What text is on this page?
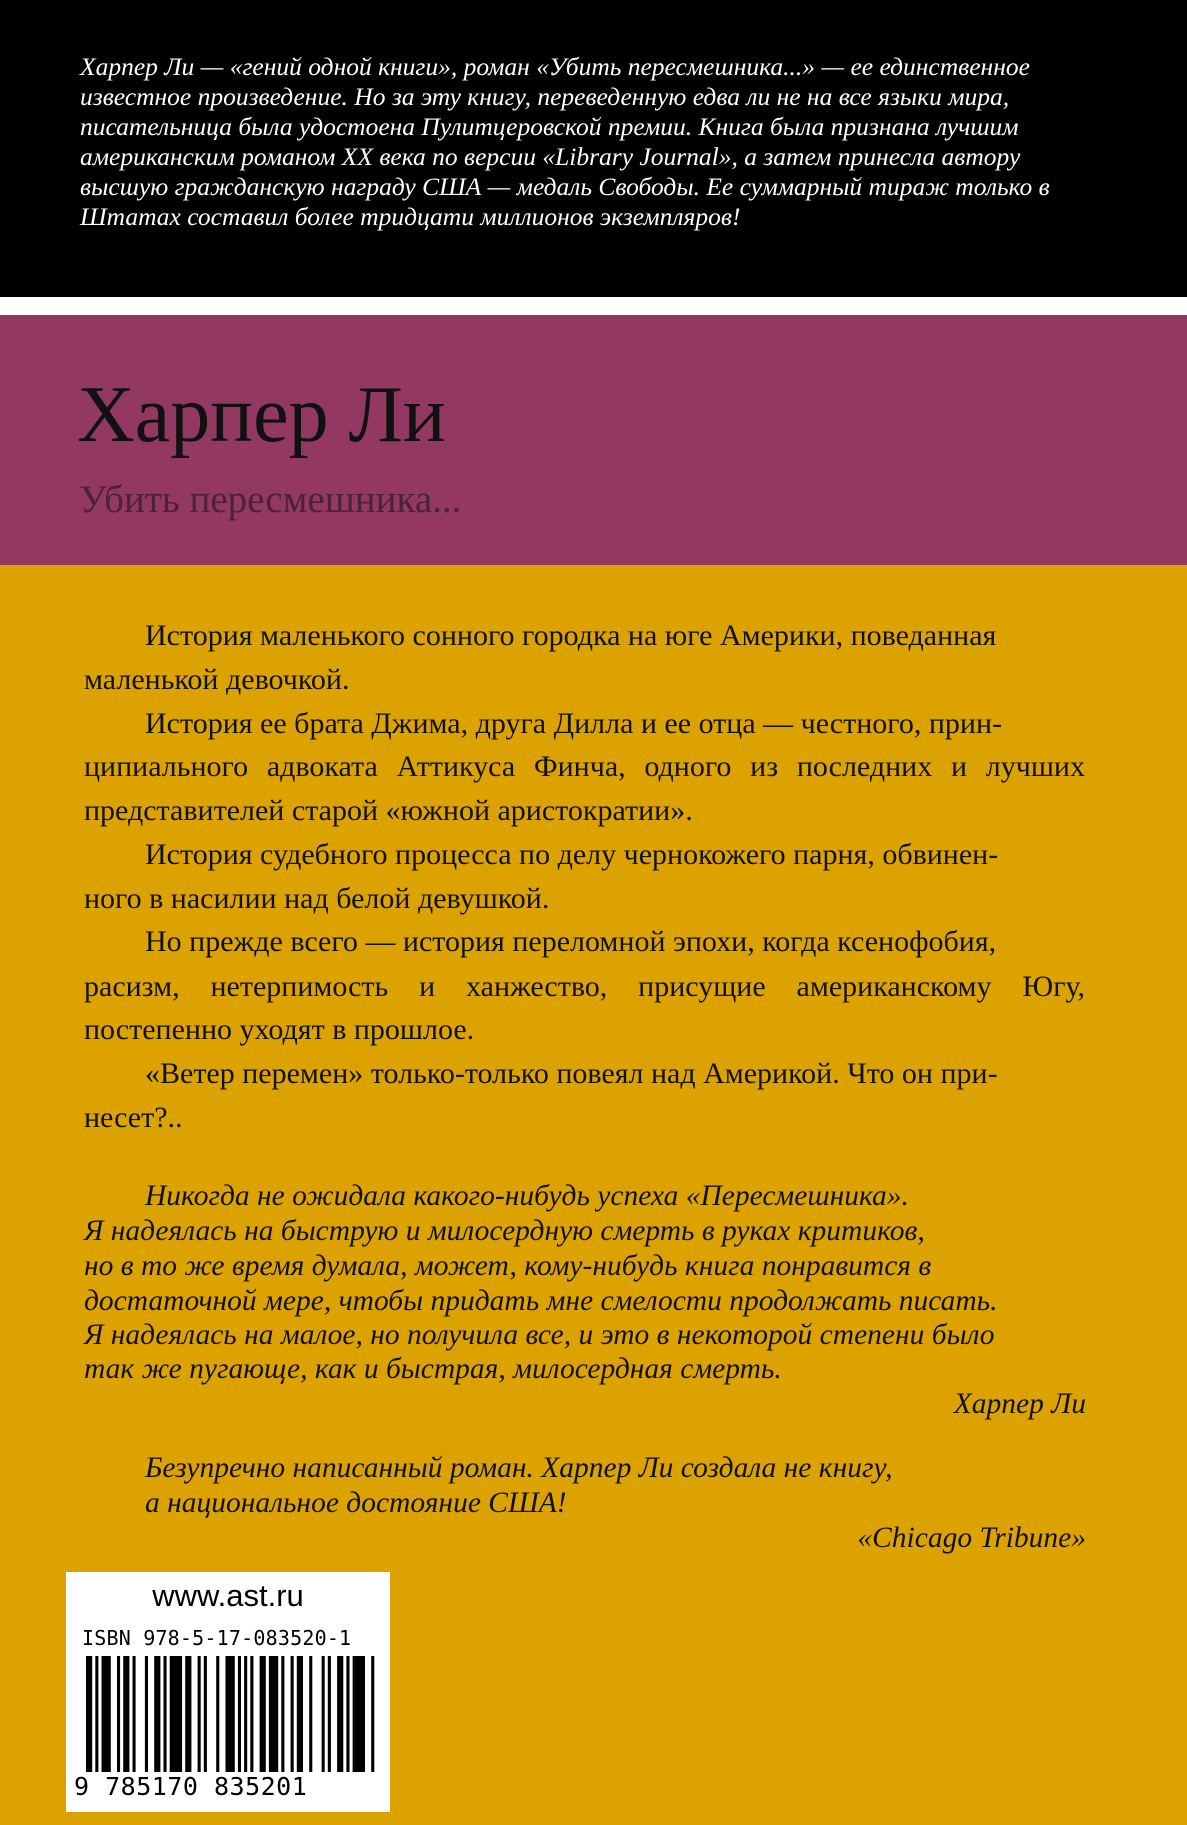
Харпер Ли — «гений одной книги», роман «Убить пересмешника...» — ее единственное
известное произведение. Но за эту книгу, переведенную едва ли не на все языки мира,
писательница была удостоена Пулитцеровской премии. Книга была признана лучшим
американским романом XX века по версии «Library Journal», а затем принесла автору
высшую гражданскую награду США — медаль Свободы. Ее суммарный тираж только в
Штатах составил более тридцати миллионов экземпляров!
Харпер Ли
Убить пересмешника...
История маленького сонного городка на юге Америки, поведанная
маленькой девочкой.
История ее брата Джима, друга Дилла и ее отца — честного, прин-
ципиального адвоката Аттикуса Финча, одного из последних и лучших
представителей старой «южной аристократии».
История судебного процесса по делу чернокожего парня, обвинен-
ного в насилии над белой девушкой.
Но прежде всего — история переломной эпохи, когда ксенофобия,
расизм, нетерпимость и ханжество, присущие американскому Югу,
постепенно уходят в прошлое.
«Ветер перемен» только-только повеял над Америкой. Что он при-
несет?..
Никогда не ожидала какого-нибудь успеха «Пересмешника».
Я надеялась на быструю и милосердную смерть в руках критиков,
но в то же время думала, может, кому-нибудь книга понравится в
достаточной мере, чтобы придать мне смелости продолжать писать.
Я надеялась на малое, но получила все, и это в некоторой степени было
так же пугающе, как и быстрая, милосердная смерть.
Харпер Ли
Безупречно написанный роман. Харпер Ли создала не книгу,
а национальное достояние США!
«Chicago Tribune»
www.ast.ru
ISBN 978-5-17-083520-1
9 785170 835201
